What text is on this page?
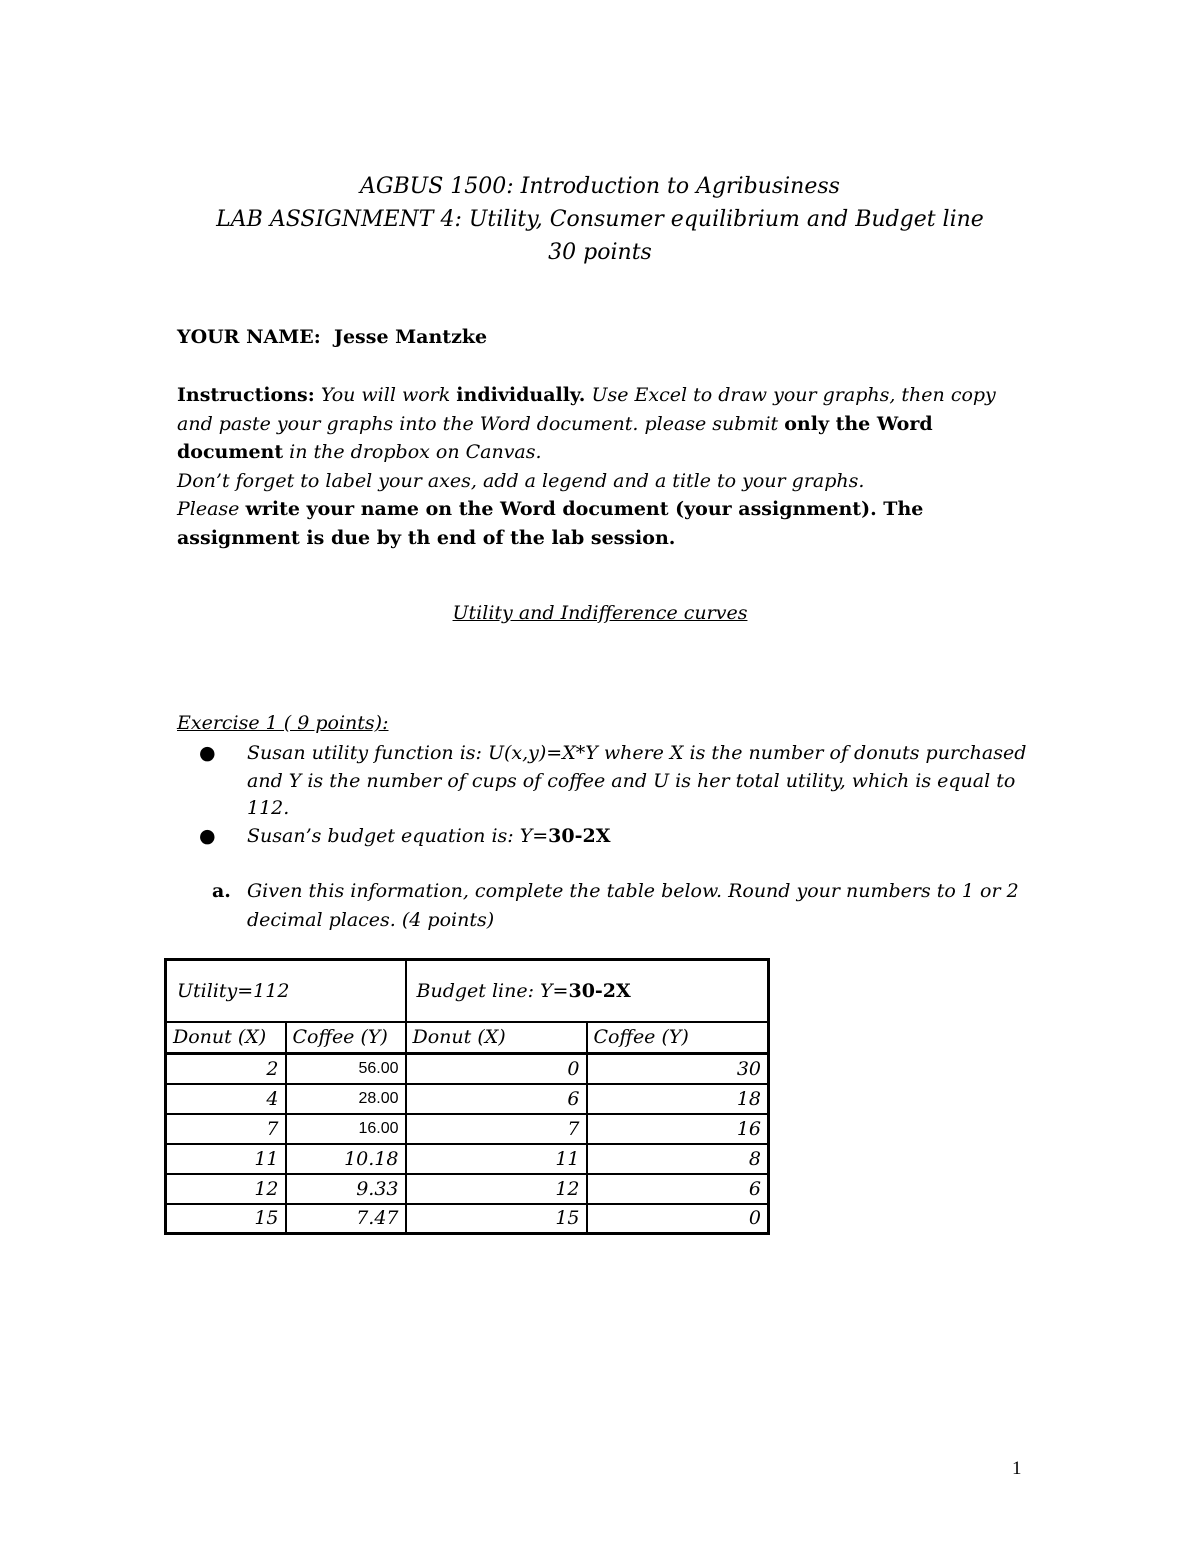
AGBUS 1500: Introduction to Agribusiness
LAB ASSIGNMENT 4: Utility, Consumer equilibrium and Budget line
30 points
YOUR NAME: Jesse Mantzke

Instructions: You will work individually. Use Excel to draw your graphs, then copy and paste your graphs into the Word document. please submit only the Word document in the dropbox on Canvas.

Don’t forget to label your axes, add a legend and a title to your graphs.

Please write your name on the Word document (your assignment). The assignment is due by th end of the lab session.

Utility and Indifference curves
Exercise 1 ( 9 points):
● Susan utility function is: U(x,y)=X*Y where X is the number of donuts purchased and Y is the number of cups of coffee and U is her total utility, which is equal to 112.
● Susan’s budget equation is: Y=30-2X
a. Given this information, complete the table below. Round your numbers to 1 or 2 decimal places. (4 points)
Utility=112		Budget line: Y=30-2X	
Donut (X)	Coffee (Y)	Donut (X)	Coffee (Y)
2	56.00	0	30
4	28.00	6	18
7	16.00	7	16
11	10.18	11	8
12	9.33	12	6
15	7.47	15	0
1
